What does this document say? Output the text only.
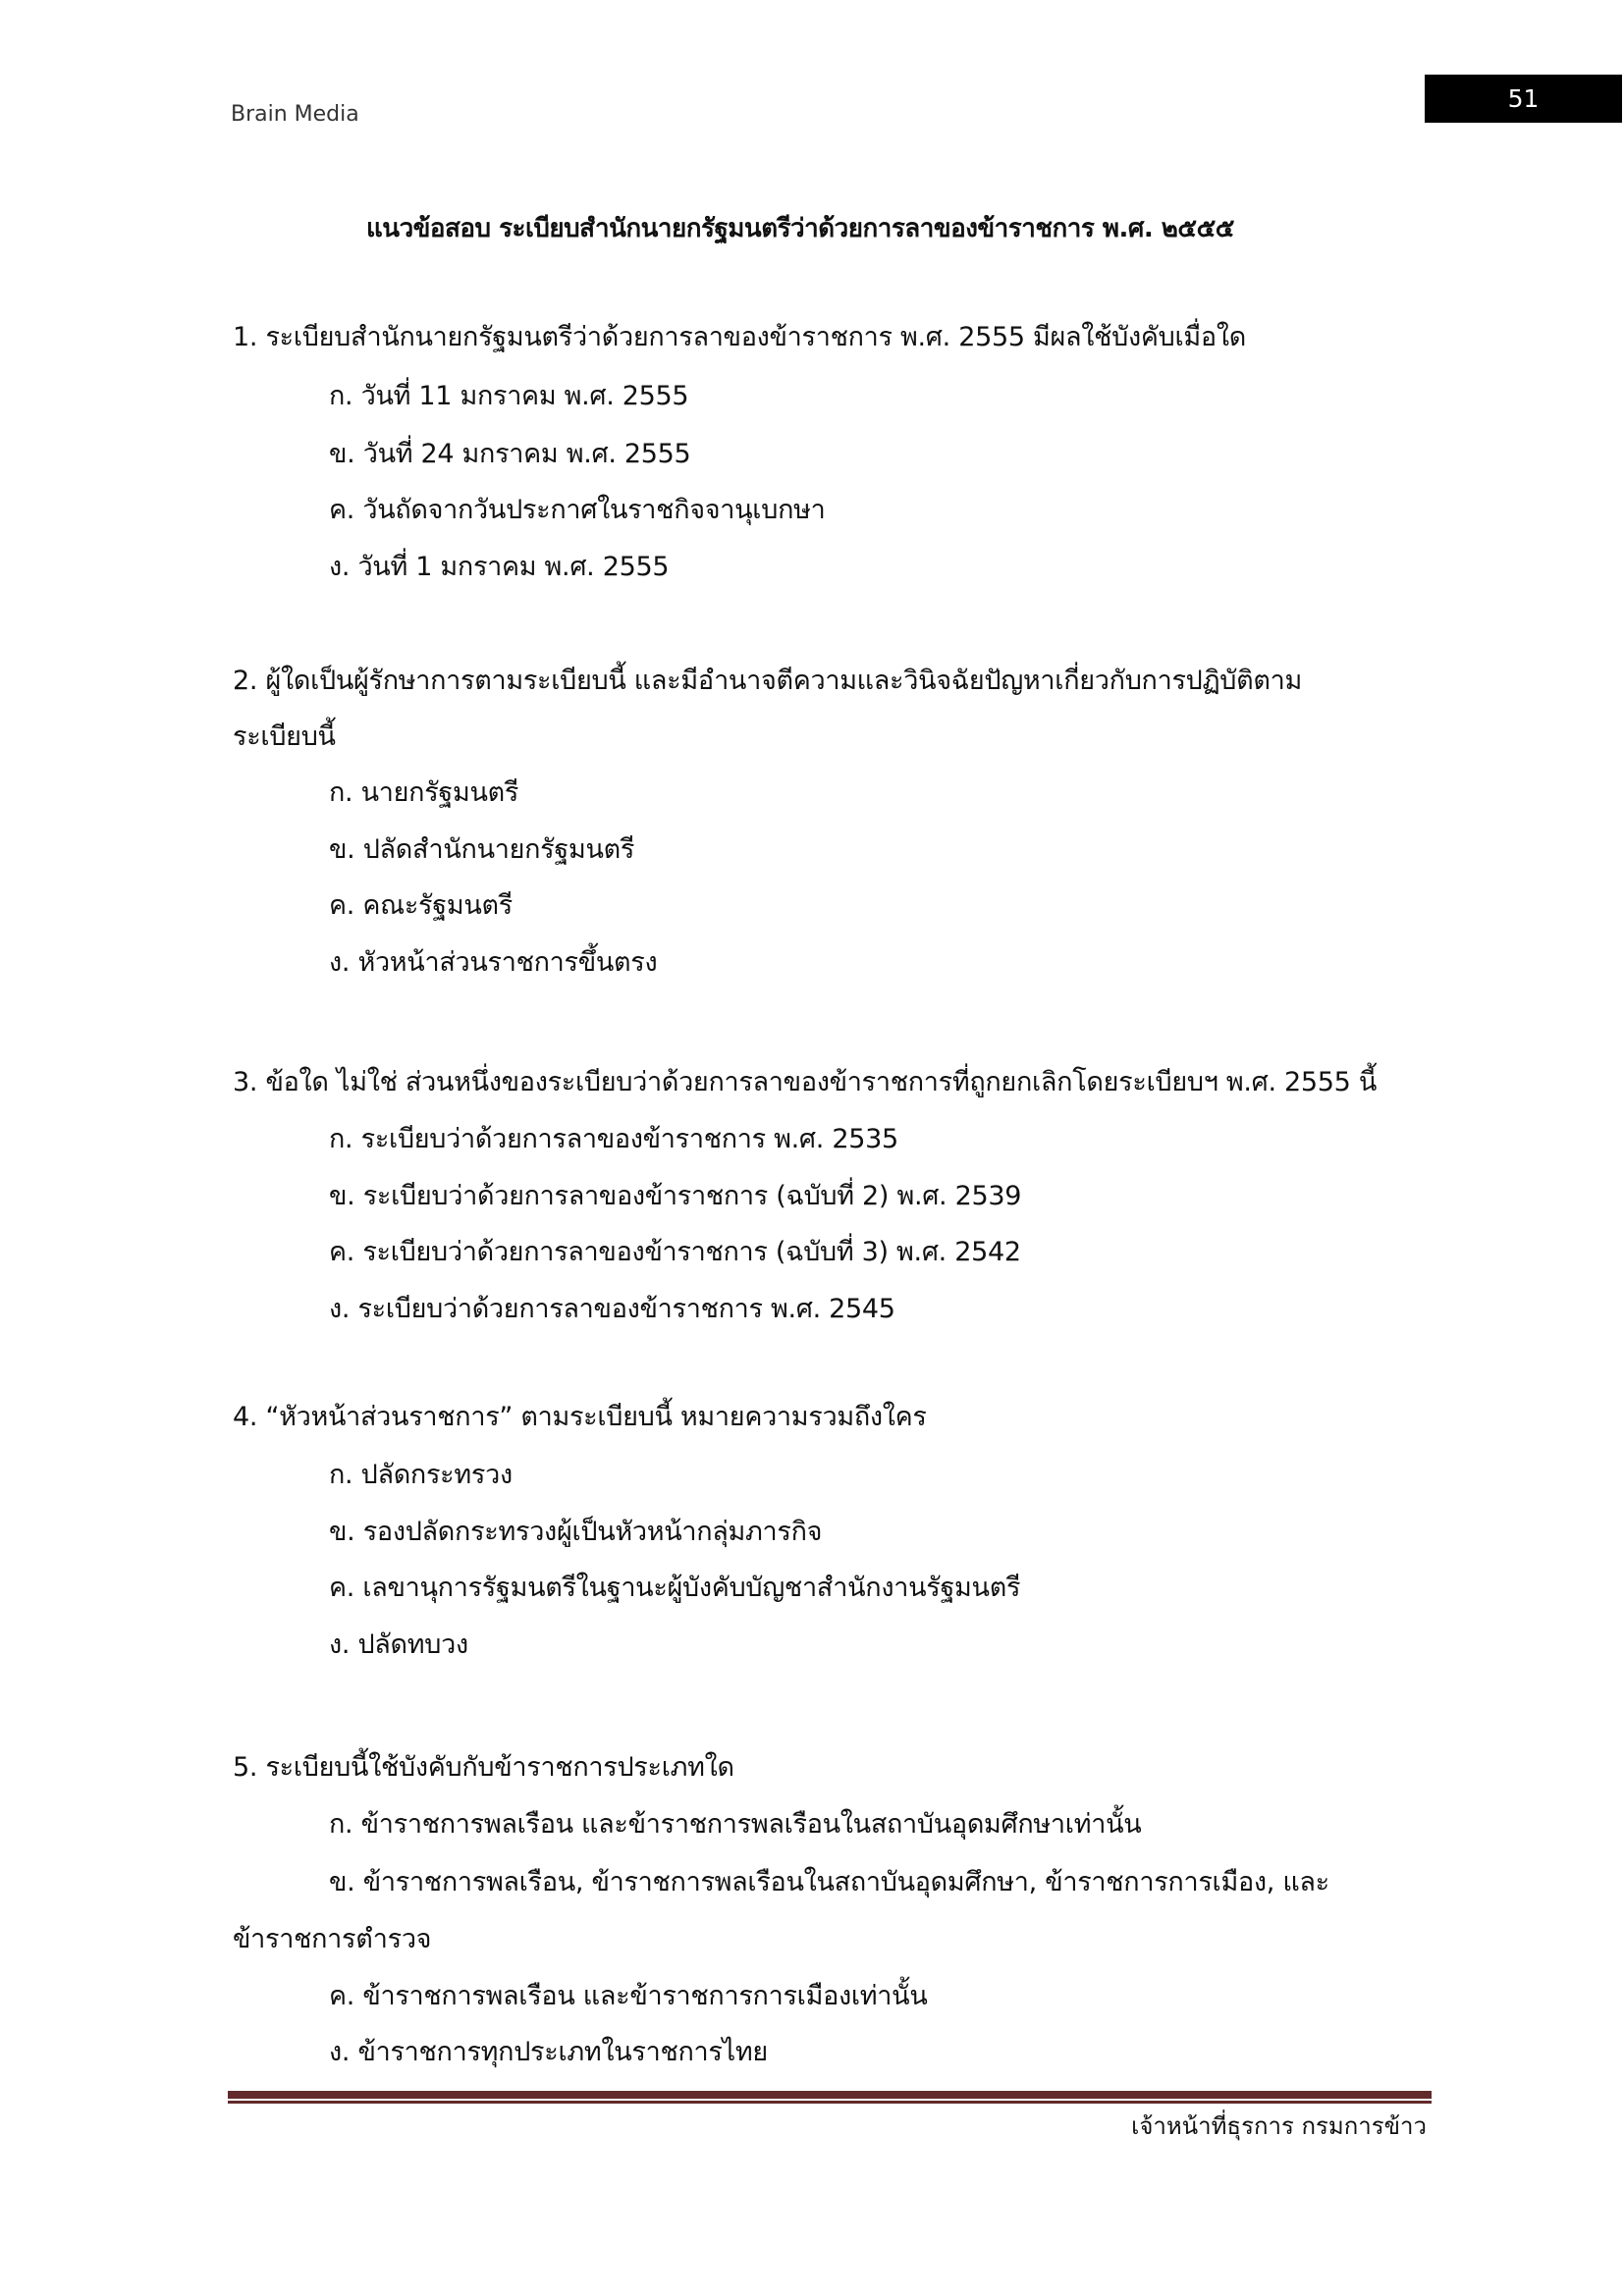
Brain Media
51
แนวข้อสอบ ระเบียบสำนักนายกรัฐมนตรีว่าด้วยการลาของข้าราชการ พ.ศ. ๒๕๕๕
1. ระเบียบสำนักนายกรัฐมนตรีว่าด้วยการลาของข้าราชการ พ.ศ. 2555 มีผลใช้บังคับเมื่อใด
ก. วันที่ 11 มกราคม พ.ศ. 2555
ข. วันที่ 24 มกราคม พ.ศ. 2555
ค. วันถัดจากวันประกาศในราชกิจจานุเบกษา
ง. วันที่ 1 มกราคม พ.ศ. 2555
2. ผู้ใดเป็นผู้รักษาการตามระเบียบนี้ และมีอำนาจตีความและวินิจฉัยปัญหาเกี่ยวกับการปฏิบัติตาม
ระเบียบนี้
ก. นายกรัฐมนตรี
ข. ปลัดสำนักนายกรัฐมนตรี
ค. คณะรัฐมนตรี
ง. หัวหน้าส่วนราชการขึ้นตรง
3. ข้อใด ไม่ใช่ ส่วนหนึ่งของระเบียบว่าด้วยการลาของข้าราชการที่ถูกยกเลิกโดยระเบียบฯ พ.ศ. 2555 นี้
ก. ระเบียบว่าด้วยการลาของข้าราชการ พ.ศ. 2535
ข. ระเบียบว่าด้วยการลาของข้าราชการ (ฉบับที่ 2) พ.ศ. 2539
ค. ระเบียบว่าด้วยการลาของข้าราชการ (ฉบับที่ 3) พ.ศ. 2542
ง. ระเบียบว่าด้วยการลาของข้าราชการ พ.ศ. 2545
4. “หัวหน้าส่วนราชการ” ตามระเบียบนี้ หมายความรวมถึงใคร
ก. ปลัดกระทรวง
ข. รองปลัดกระทรวงผู้เป็นหัวหน้ากลุ่มภารกิจ
ค. เลขานุการรัฐมนตรีในฐานะผู้บังคับบัญชาสำนักงานรัฐมนตรี
ง. ปลัดทบวง
5. ระเบียบนี้ใช้บังคับกับข้าราชการประเภทใด
ก. ข้าราชการพลเรือน และข้าราชการพลเรือนในสถาบันอุดมศึกษาเท่านั้น
ข. ข้าราชการพลเรือน, ข้าราชการพลเรือนในสถาบันอุดมศึกษา, ข้าราชการการเมือง, และ
ข้าราชการตำรวจ
ค. ข้าราชการพลเรือน และข้าราชการการเมืองเท่านั้น
ง. ข้าราชการทุกประเภทในราชการไทย
เจ้าหน้าที่ธุรการ กรมการข้าว
